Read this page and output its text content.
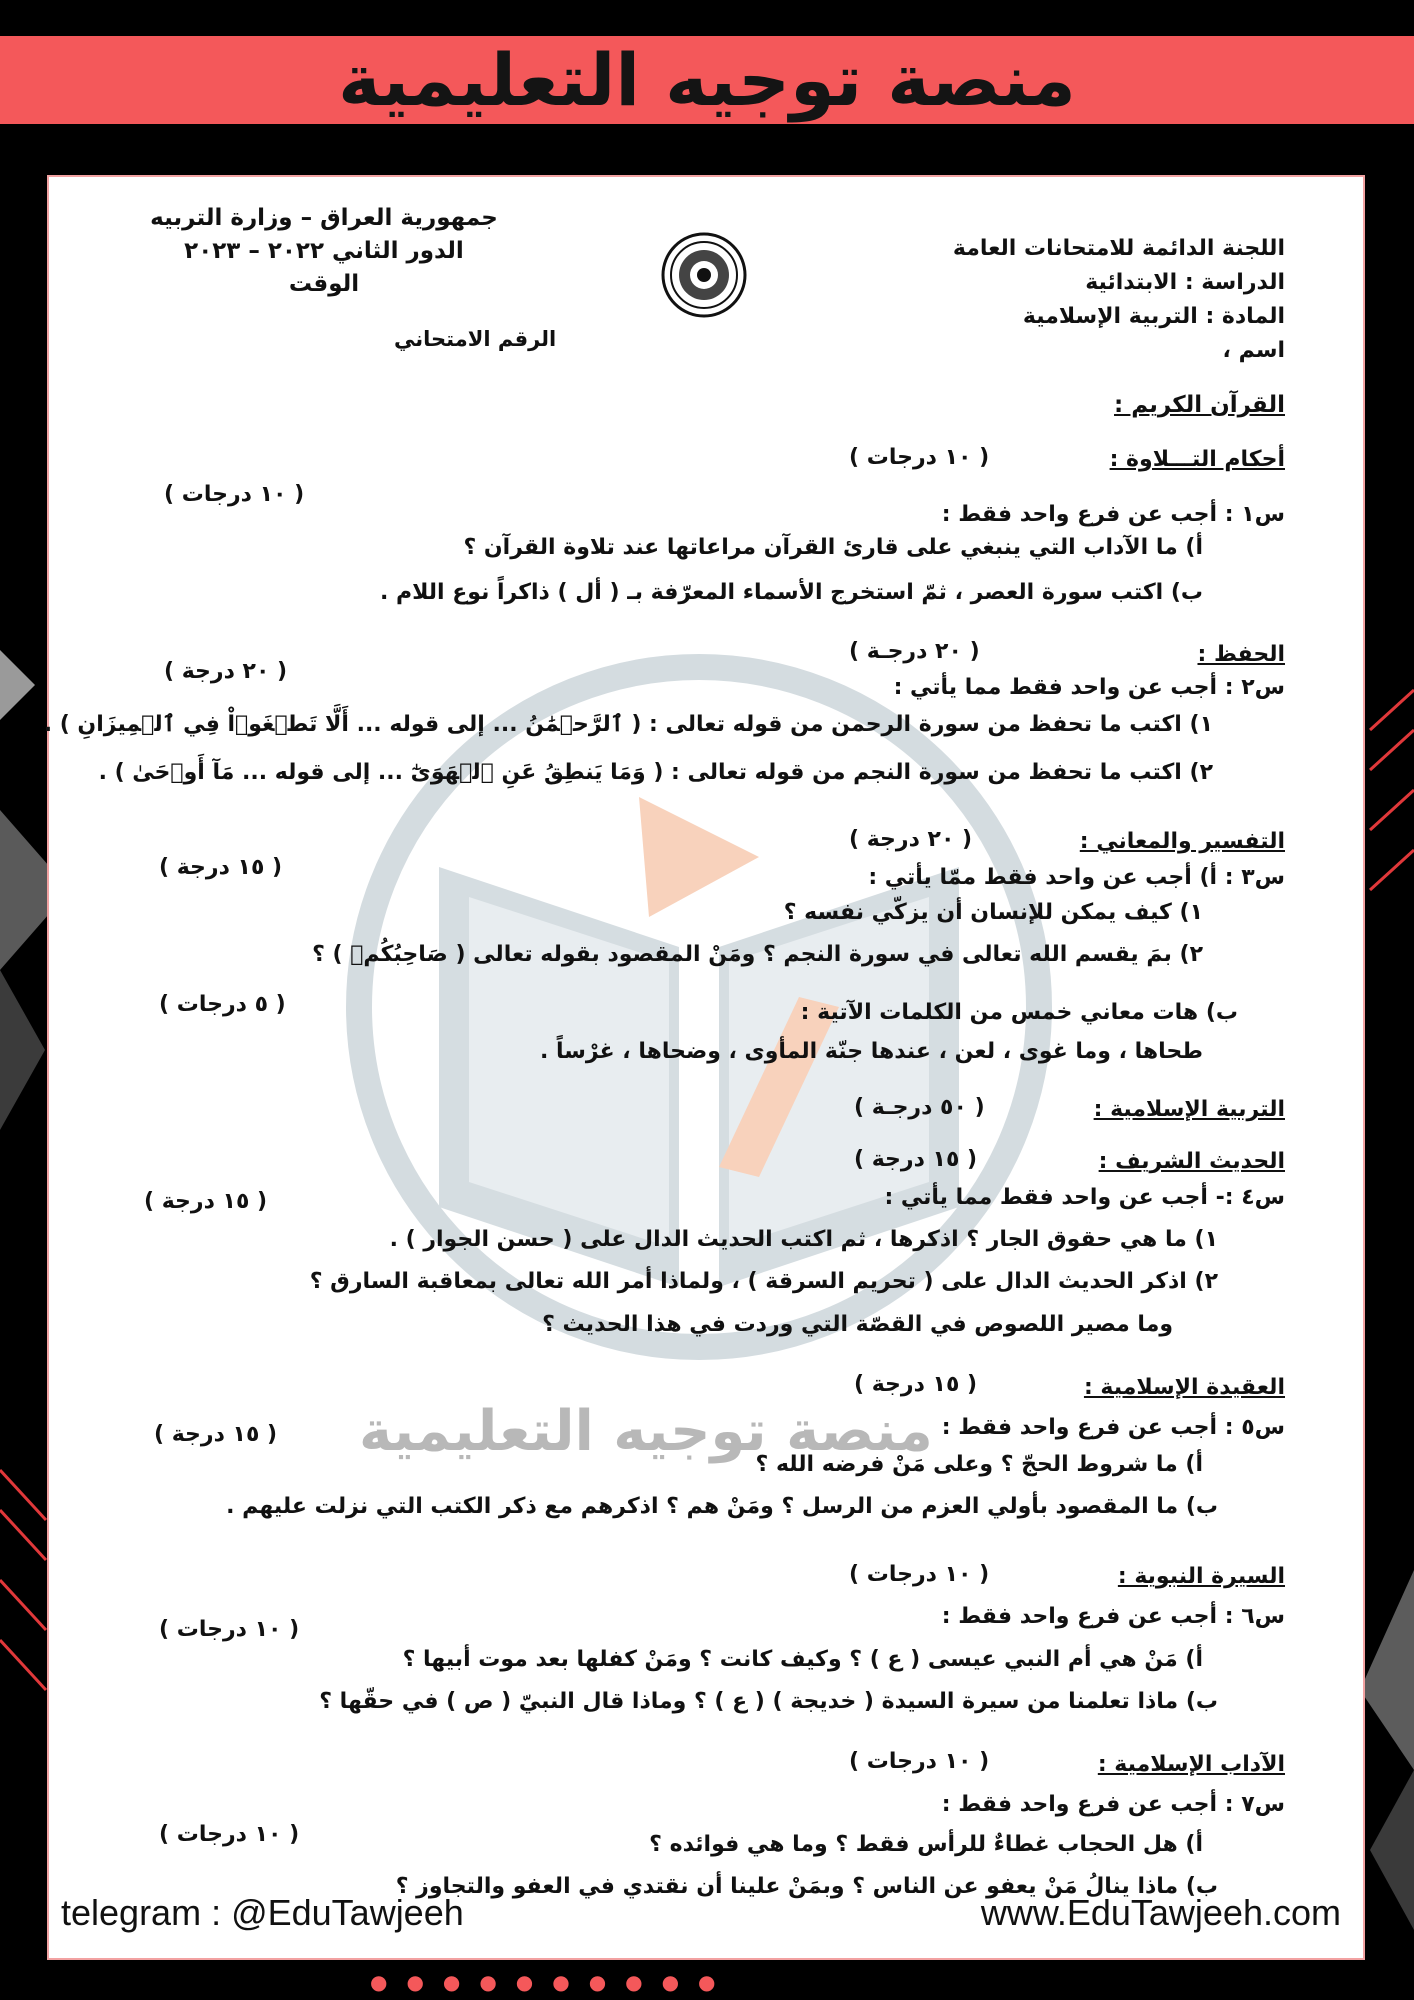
منصة توجيه التعليمية
اللجنة الدائمة للامتحانات العامة
الدراسة : الابتدائية
المادة : التربية الإسلامية
اسم ،
جمهورية العراق – وزارة التربيه
الدور الثاني ٢٠٢٢ – ٢٠٢٣
الوقت
الرقم الامتحاني
القرآن الكريم :
أحكام التـــلاوة :
( ١٠ درجات )
( ١٠ درجات )
س١ : أجب عن فرع واحد فقط :
أ) ما الآداب التي ينبغي على قارئ القرآن مراعاتها عند تلاوة القرآن ؟
ب) اكتب سورة العصر ، ثمّ استخرج الأسماء المعرّفة بـ ( أل ) ذاكراً نوع اللام .
الحفظ :
( ٢٠ درجـة )
( ٢٠ درجة )
س٢ : أجب عن واحد فقط مما يأتي :
١) اكتب ما تحفظ من سورة الرحمن من قوله تعالى : ( ٱلرَّحۡمَٰنُ ... إلى قوله ... أَلَّا تَطۡغَوۡاْ فِي ٱلۡمِيزَانِ ) .
٢) اكتب ما تحفظ من سورة النجم من قوله تعالى : ( وَمَا يَنطِقُ عَنِ ٱلۡهَوَىٰٓ ... إلى قوله ... مَآ أَوۡحَىٰ ) .
التفسير والمعاني :
( ٢٠ درجة )
( ١٥ درجة )	س٣ : أ) أجب عن واحد فقط ممّا يأتي :
١) كيف يمكن للإنسان أن يزكّي نفسه ؟
٢) بمَ يقسم الله تعالى في سورة النجم ؟ ومَنْ المقصود بقوله تعالى ( صَاحِبُكُمۡ ) ؟
( ٥ درجات )	ب) هات معاني خمس من الكلمات الآتية :
طحاها ، وما غوى ، لعن ، عندها جنّة المأوى ، وضحاها ، غرْساً .
التربية الإسلامية :
( ٥٠ درجـة )
الحديث الشريف :
( ١٥ درجة )
( ١٥ درجة )	س٤ :- أجب عن واحد فقط مما يأتي :
١) ما هي حقوق الجار ؟ اذكرها ، ثم اكتب الحديث الدال على ( حسن الجوار ) .
٢) اذكر الحديث الدال على ( تحريم السرقة ) ، ولماذا أمر الله تعالى بمعاقبة السارق ؟
وما مصير اللصوص في القصّة التي وردت في هذا الحديث ؟
العقيدة الإسلامية :
( ١٥ درجة )
( ١٥ درجة )	س٥ : أجب عن فرع واحد فقط :
أ) ما شروط الحجّ ؟ وعلى مَنْ فرضه الله ؟
ب) ما المقصود بأولي العزم من الرسل ؟ ومَنْ هم ؟ اذكرهم مع ذكر الكتب التي نزلت عليهم .
السيرة النبوية :
( ١٠ درجات )
( ١٠ درجات )
س٦ : أجب عن فرع واحد فقط :
أ) مَنْ هي أم النبي عيسى ( ع ) ؟ وكيف كانت ؟ ومَنْ كفلها بعد موت أبيها ؟
ب) ماذا تعلمنا من سيرة السيدة ( خديجة ) ( ع ) ؟ وماذا قال النبيّ ( ص ) في حقّها ؟
الآداب الإسلامية :
( ١٠ درجات )
( ١٠ درجات )
س٧ : أجب عن فرع واحد فقط :
أ) هل الحجاب غطاءٌ للرأس فقط ؟ وما هي فوائده ؟
ب) ماذا ينالُ مَنْ يعفو عن الناس ؟ وبمَنْ علينا أن نقتدي في العفو والتجاوز ؟
منصة توجيه التعليمية
telegram : @EduTawjeeh	www.EduTawjeeh.com
●●●●●●●●●●
